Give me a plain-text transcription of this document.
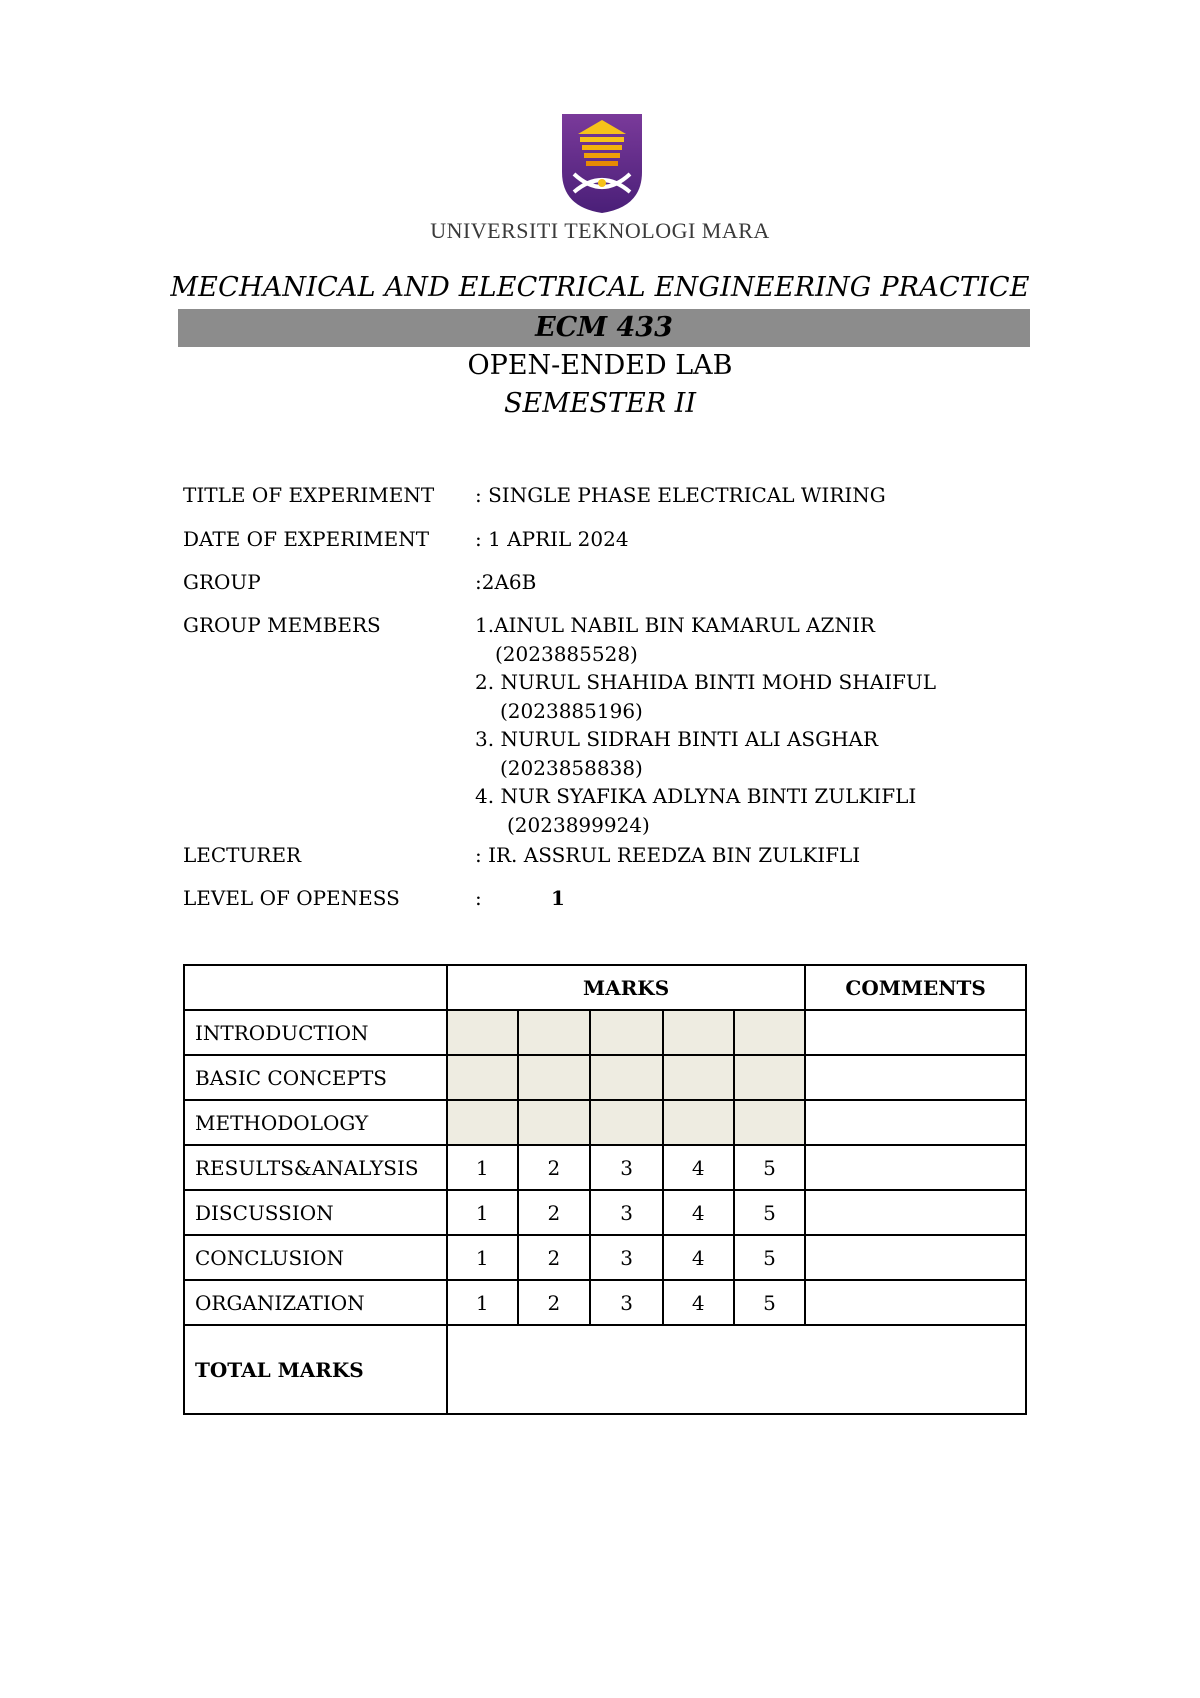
UNIVERSITI TEKNOLOGI MARA
MECHANICAL AND ELECTRICAL ENGINEERING PRACTICE
ECM 433
OPEN-ENDED LAB
SEMESTER II
TITLE OF EXPERIMENT : SINGLE PHASE ELECTRICAL WIRING
DATE OF EXPERIMENT : 1 APRIL 2024
GROUP	:2A6B
GROUP MEMBERS	1.AINUL NABIL BIN KAMARUL AZNIR
(2023885528)
2. NURUL SHAHIDA BINTI MOHD SHAIFUL
(2023885196)
3. NURUL SIDRAH BINTI ALI ASGHAR
(2023858838)
4. NUR SYAFIKA ADLYNA BINTI ZULKIFLI
(2023899924)
LECTURER	: IR. ASSRUL REEDZA BIN ZULKIFLI
LEVEL OF OPENESS	:	1
	MARKS					COMMENTS
INTRODUCTION						
BASIC CONCEPTS						
METHODOLOGY						
RESULTS&ANALYSIS	1	2	3	4	5	
DISCUSSION	1	2	3	4	5	
CONCLUSION	1	2	3	4	5	
ORGANIZATION	1	2	3	4	5	
TOTAL MARKS						
